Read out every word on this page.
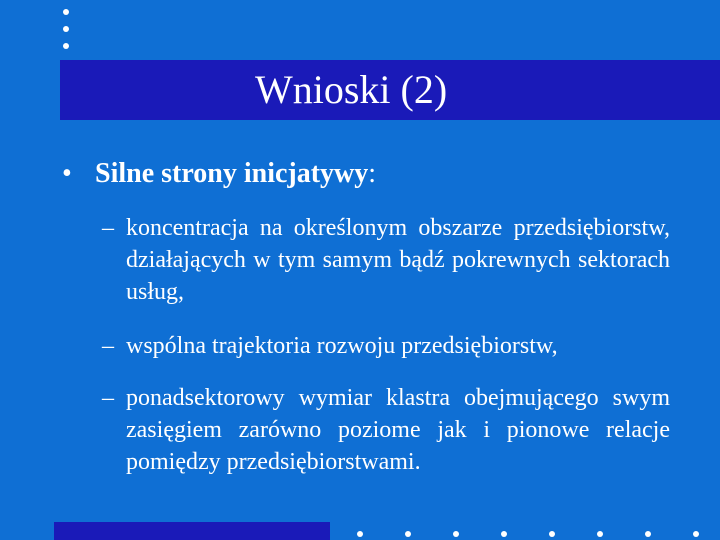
Wnioski (2)
• Silne strony inicjatywy:
– koncentracja na określonym obszarze przedsiębiorstw, działających w tym samym bądź pokrewnych sektorach usług,
– wspólna trajektoria rozwoju przedsiębiorstw,
– ponadsektorowy wymiar klastra obejmującego swym zasięgiem zarówno poziome jak i pionowe relacje pomiędzy przedsiębiorstwami.
